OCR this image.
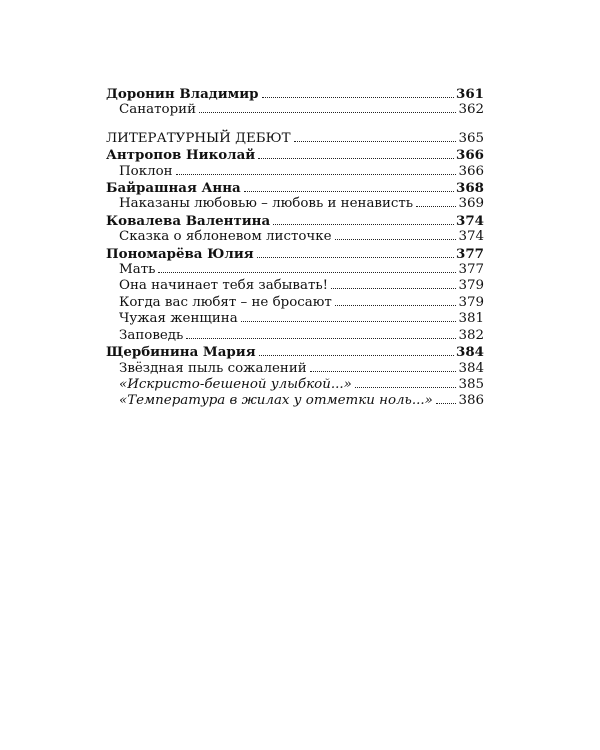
Доронин Владимир	361
Санаторий	362
ЛИТЕРАТУРНЫЙ ДЕБЮТ	365
Антропов Николай	366
Поклон	366
Байрашная Анна	368
Наказаны любовью – любовь и ненависть	369
Ковалева Валентина	374
Сказка о яблоневом листочке	374
Пономарёва Юлия	377
Мать	377
Она начинает тебя забывать!	379
Когда вас любят – не бросают	379
Чужая женщина	381
Заповедь	382
Щербинина Мария	384
Звёздная пыль сожалений	384
«Искристо-бешеной улыбкой...»	385
«Температура в жилах у отметки ноль...» 386
